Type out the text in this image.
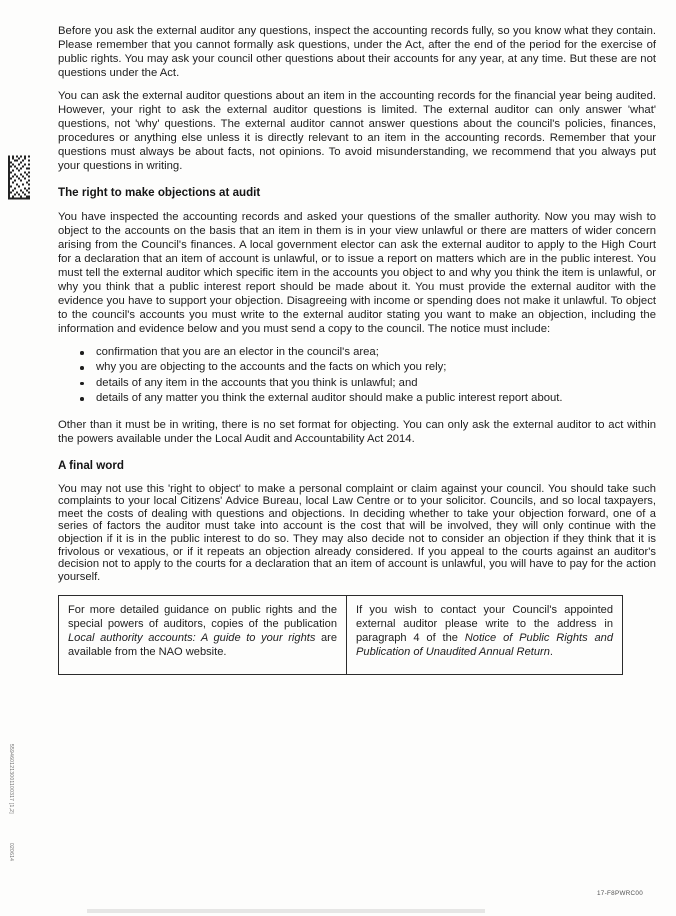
Before you ask the external auditor any questions, inspect the accounting records fully, so you know what they contain. Please remember that you cannot formally ask questions, under the Act, after the end of the period for the exercise of public rights. You may ask your council other questions about their accounts for any year, at any time. But these are not questions under the Act.

You can ask the external auditor questions about an item in the accounting records for the financial year being audited. However, your right to ask the external auditor questions is limited. The external auditor can only answer 'what' questions, not 'why' questions. The external auditor cannot answer questions about the council's policies, finances, procedures or anything else unless it is directly relevant to an item in the accounting records. Remember that your questions must always be about facts, not opinions. To avoid misunderstanding, we recommend that you always put your questions in writing.

The right to make objections at audit

You have inspected the accounting records and asked your questions of the smaller authority. Now you may wish to object to the accounts on the basis that an item in them is in your view unlawful or there are matters of wider concern arising from the Council's finances. A local government elector can ask the external auditor to apply to the High Court for a declaration that an item of account is unlawful, or to issue a report on matters which are in the public interest. You must tell the external auditor which specific item in the accounts you object to and why you think the item is unlawful, or why you think that a public interest report should be made about it. You must provide the external auditor with the evidence you have to support your objection. Disagreeing with income or spending does not make it unlawful. To object to the council's accounts you must write to the external auditor stating you want to make an objection, including the information and evidence below and you must send a copy to the council. The notice must include:

confirmation that you are an elector in the council's area;
why you are objecting to the accounts and the facts on which you rely;
details of any item in the accounts that you think is unlawful; and
details of any matter you think the external auditor should make a public interest report about.

Other than it must be in writing, there is no set format for objecting. You can only ask the external auditor to act within the powers available under the Local Audit and Accountability Act 2014.

A final word

You may not use this 'right to object' to make a personal complaint or claim against your council. You should take such complaints to your local Citizens' Advice Bureau, local Law Centre or to your solicitor. Councils, and so local taxpayers, meet the costs of dealing with questions and objections. In deciding whether to take your objection forward, one of a series of factors the auditor must take into account is the cost that will be involved, they will only continue with the objection if it is in the public interest to do so. They may also decide not to consider an objection if they think that it is frivolous or vexatious, or if it repeats an objection already considered. If you appeal to the courts against an auditor's decision not to apply to the courts for a declaration that an item of account is unlawful, you will have to pay for the action yourself.

For more detailed guidance on public rights and the special powers of auditors, copies of the publication Local authority accounts: A guide to your rights are available from the NAO website.
If you wish to contact your Council's appointed external auditor please write to the address in paragraph 4 of the Notice of Public Rights and Publication of Unaudited Annual Return.
5594601213001100317 [1,2]
020614
17-F8PWRC00
